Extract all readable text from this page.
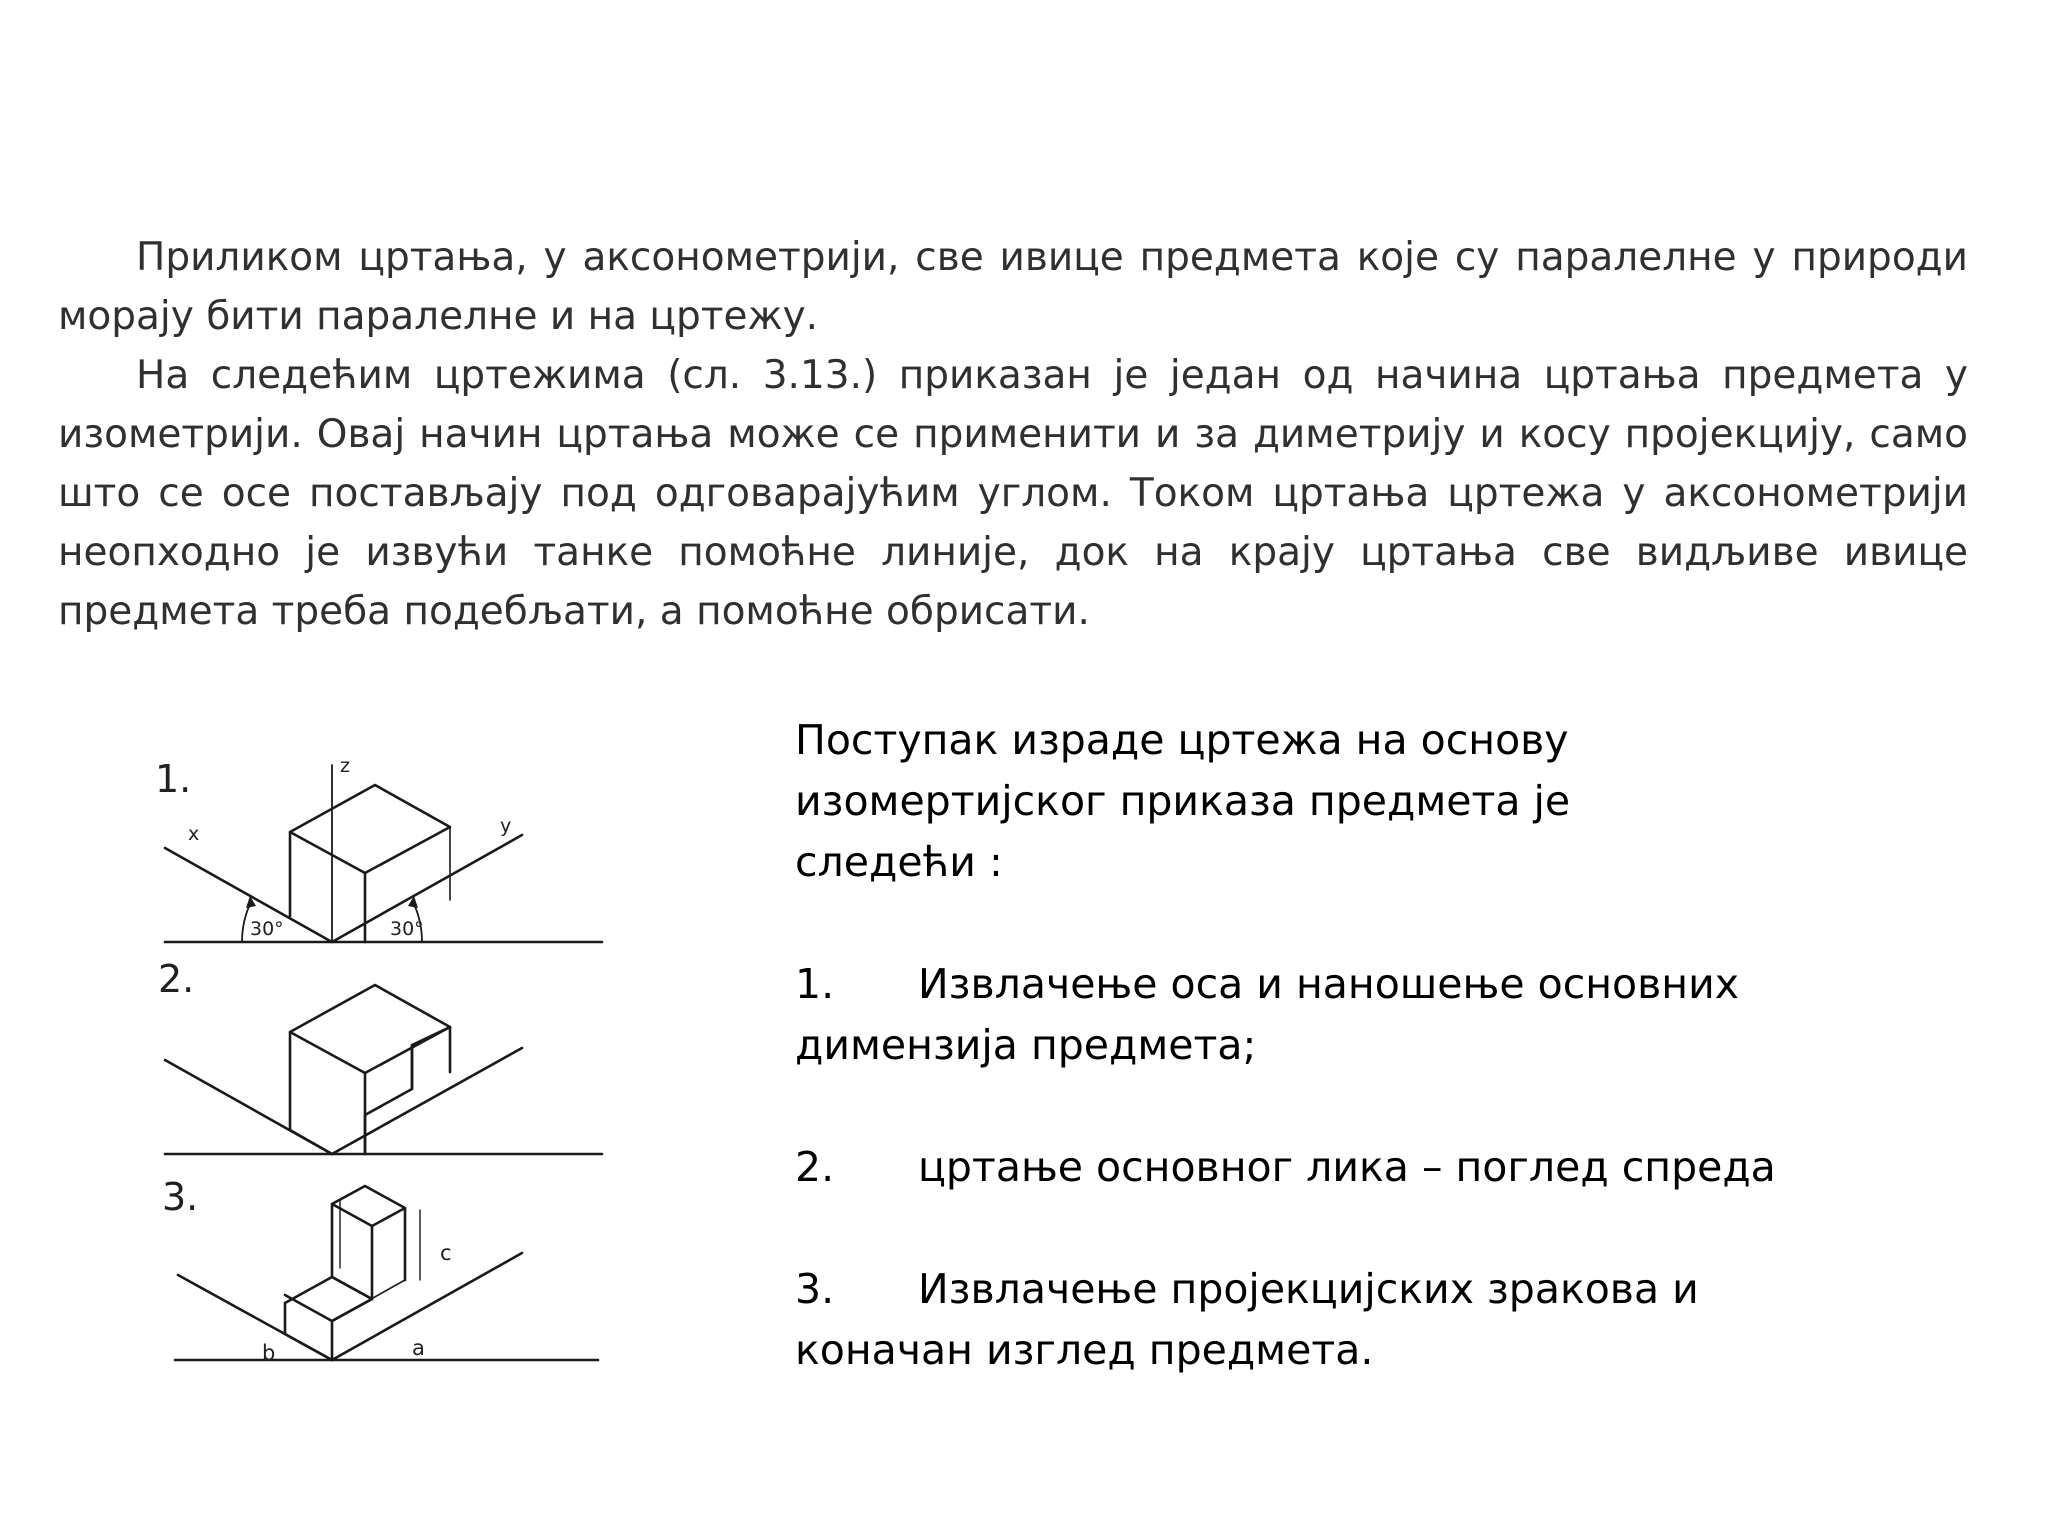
Приликом цртања, у аксонометрији, све ивице предмета које су паралелне у природи морају бити паралелне и на цртежу.

На следећим цртежима (сл. 3.13.) приказан је један од начина цртања предмета у изометрији. Овај начин цртања може се применити и за диметрију и косу пројекцију, само што се осе постављају под одговарајућим углом. Током цртања цртежа у аксонометрији неопходно је извући танке помоћне линије, док на крају цртања све видљиве ивице предмета треба подебљати, а помоћне обрисати.

1.
2.
3.
x	y
z
30°	30°
a
b
c

Поступак израде цртежа на основу

изомертијског приказа предмета је

следећи :

1. Извлачење оса и наношење основних

димензија предмета;

2. цртање основног лика – поглед спреда

3. Извлачење пројекцијских зракова и

коначан изглед предмета.
